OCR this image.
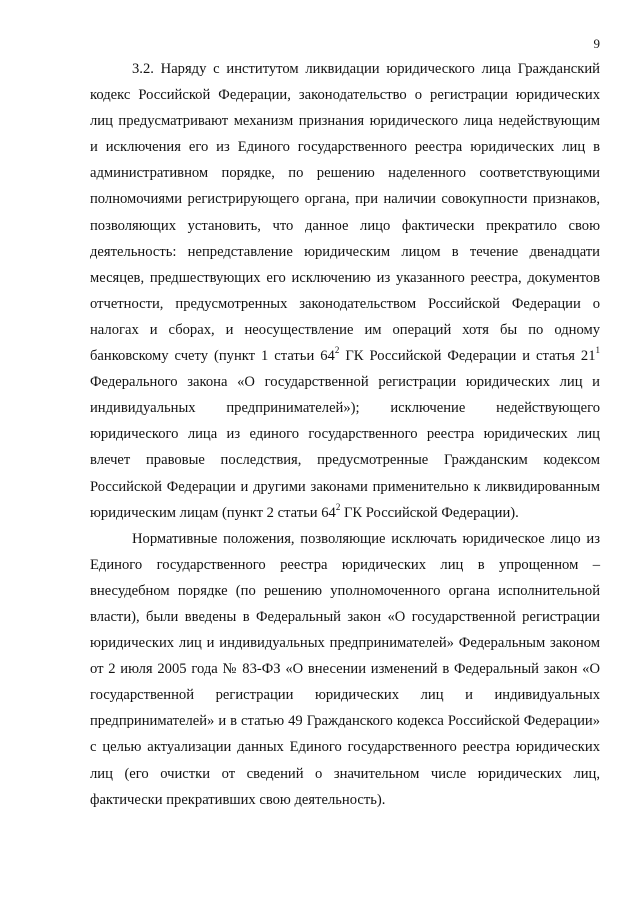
9

3.2. Наряду с институтом ликвидации юридического лица Гражданский кодекс Российской Федерации, законодательство о регистрации юридических лиц предусматривают механизм признания юридического лица недействующим и исключения его из Единого государственного реестра юридических лиц в административном порядке, по решению наделенного соответствующими полномочиями регистрирующего органа, при наличии совокупности признаков, позволяющих установить, что данное лицо фактически прекратило свою деятельность: непредставление юридическим лицом в течение двенадцати месяцев, предшествующих его исключению из указанного реестра, документов отчетности, предусмотренных законодательством Российской Федерации о налогах и сборах, и неосуществление им операций хотя бы по одному банковскому счету (пункт 1 статьи $64^2$ ГК Российской Федерации и статья $21^1$ Федерального закона «О государственной регистрации юридических лиц и индивидуальных предпринимателей»); исключение недействующего юридического лица из единого государственного реестра юридических лиц влечет правовые последствия, предусмотренные Гражданским кодексом Российской Федерации и другими законами применительно к ликвидированным юридическим лицам (пункт 2 статьи $64^2$ ГК Российской Федерации).

Нормативные положения, позволяющие исключать юридическое лицо из Единого государственного реестра юридических лиц в упрощенном – внесудебном порядке (по решению уполномоченного органа исполнительной власти), были введены в Федеральный закон «О государственной регистрации юридических лиц и индивидуальных предпринимателей» Федеральным законом от 2 июля 2005 года № 83-ФЗ «О внесении изменений в Федеральный закон «О государственной регистрации юридических лиц и индивидуальных предпринимателей» и в статью 49 Гражданского кодекса Российской Федерации» с целью актуализации данных Единого государственного реестра юридических лиц (его очистки от сведений о значительном числе юридических лиц, фактически прекративших свою деятельность).
